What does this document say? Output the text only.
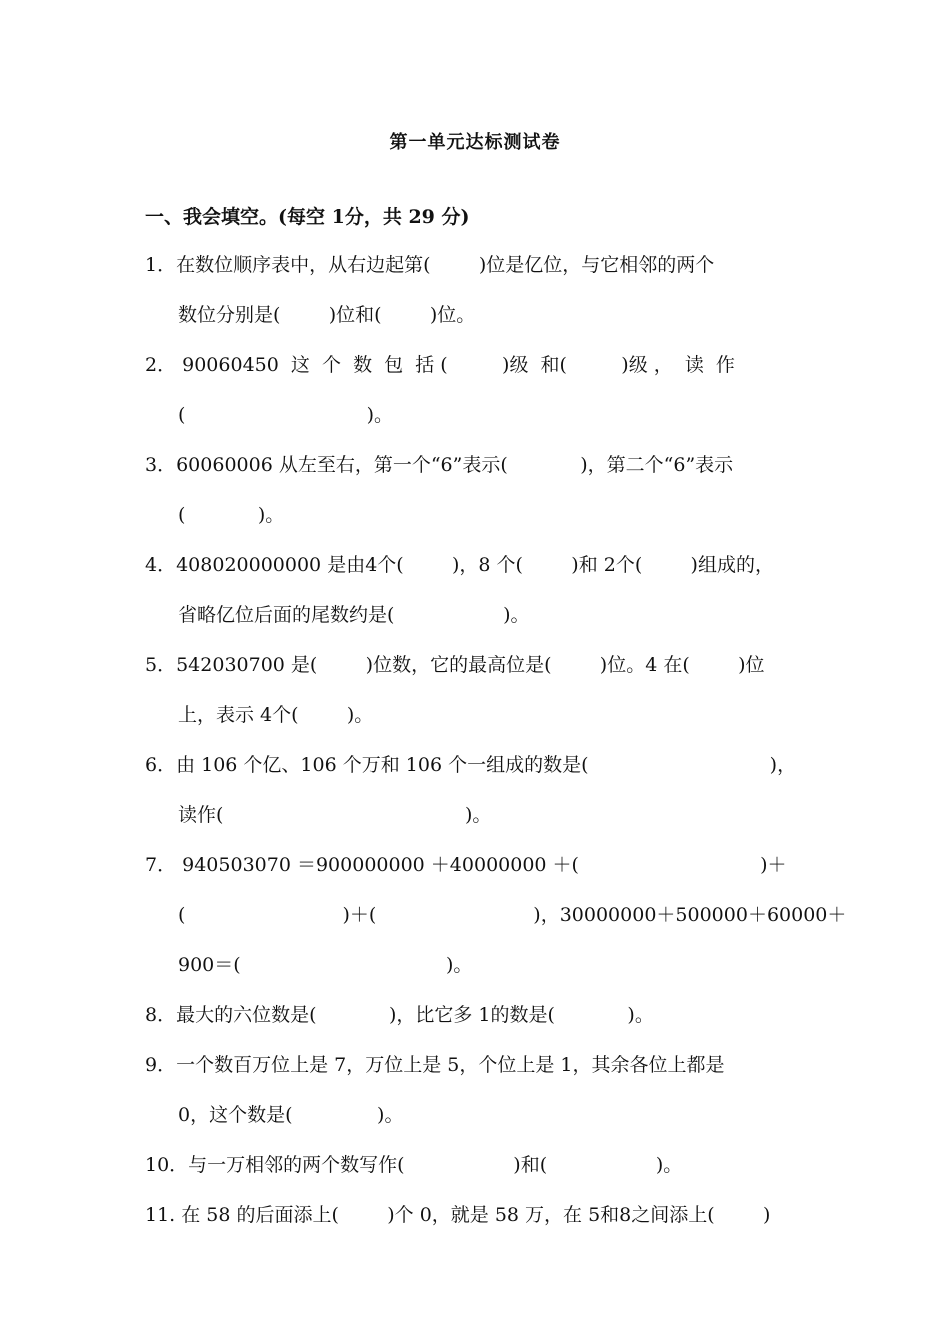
第一单元达标测试卷
一、我会填空。(每空 1分，共 29 分)
1．在数位顺序表中，从右边起第(        )位是亿位，与它相邻的两个
数位分别是(        )位和(        )位。
2． 90060450  这  个  数  包  括 (         )级  和(         )级 ，  读  作
(                              )。
3．60060006 从左至右，第一个“6”表示(            )，第二个“6”表示
(            )。
4．408020000000 是由4个(        )，8 个(        )和 2个(        )组成的，
省略亿位后面的尾数约是(                  )。
5．542030700 是(        )位数，它的最高位是(        )位。4 在(        )位
上，表示 4个(        )。
6．由 106 个亿、106 个万和 106 个一组成的数是(                              )，
读作(                                        )。
7． 940503070 ＝900000000 ＋40000000 ＋(                              )＋
(                          )＋(                          )，30000000＋500000＋60000＋
900＝(                                  )。
8．最大的六位数是(            )，比它多 1的数是(            )。
9．一个数百万位上是 7，万位上是 5，个位上是 1，其余各位上都是
0，这个数是(              )。
10．与一万相邻的两个数写作(                  )和(                  )。
11. 在 58 的后面添上(        )个 0，就是 58 万，在 5和8之间添上(        )
